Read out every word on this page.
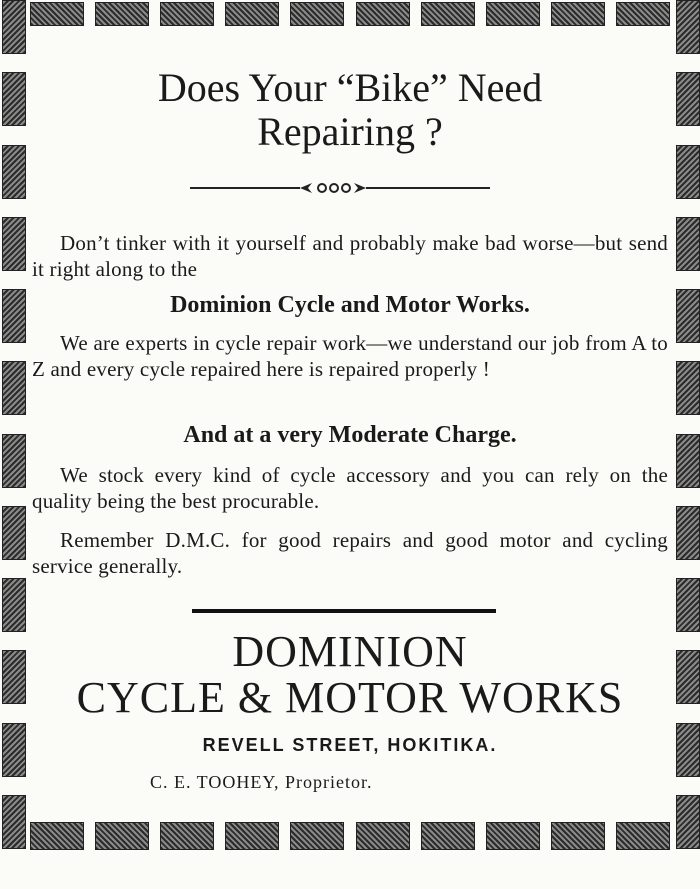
Does Your “Bike” Need
Repairing ?
Don’t tinker with it yourself and probably make bad worse—but send it right along to the
Dominion Cycle and Motor Works.
We are experts in cycle repair work—we understand our job from A to Z and every cycle repaired here is repaired properly !
And at a very Moderate Charge.
We stock every kind of cycle accessory and you can rely on the quality being the best procurable.
Remember D.M.C. for good repairs and good motor and cycling service generally.
DOMINION
CYCLE & MOTOR WORKS
REVELL STREET, HOKITIKA.
C. E. TOOHEY, Proprietor.
